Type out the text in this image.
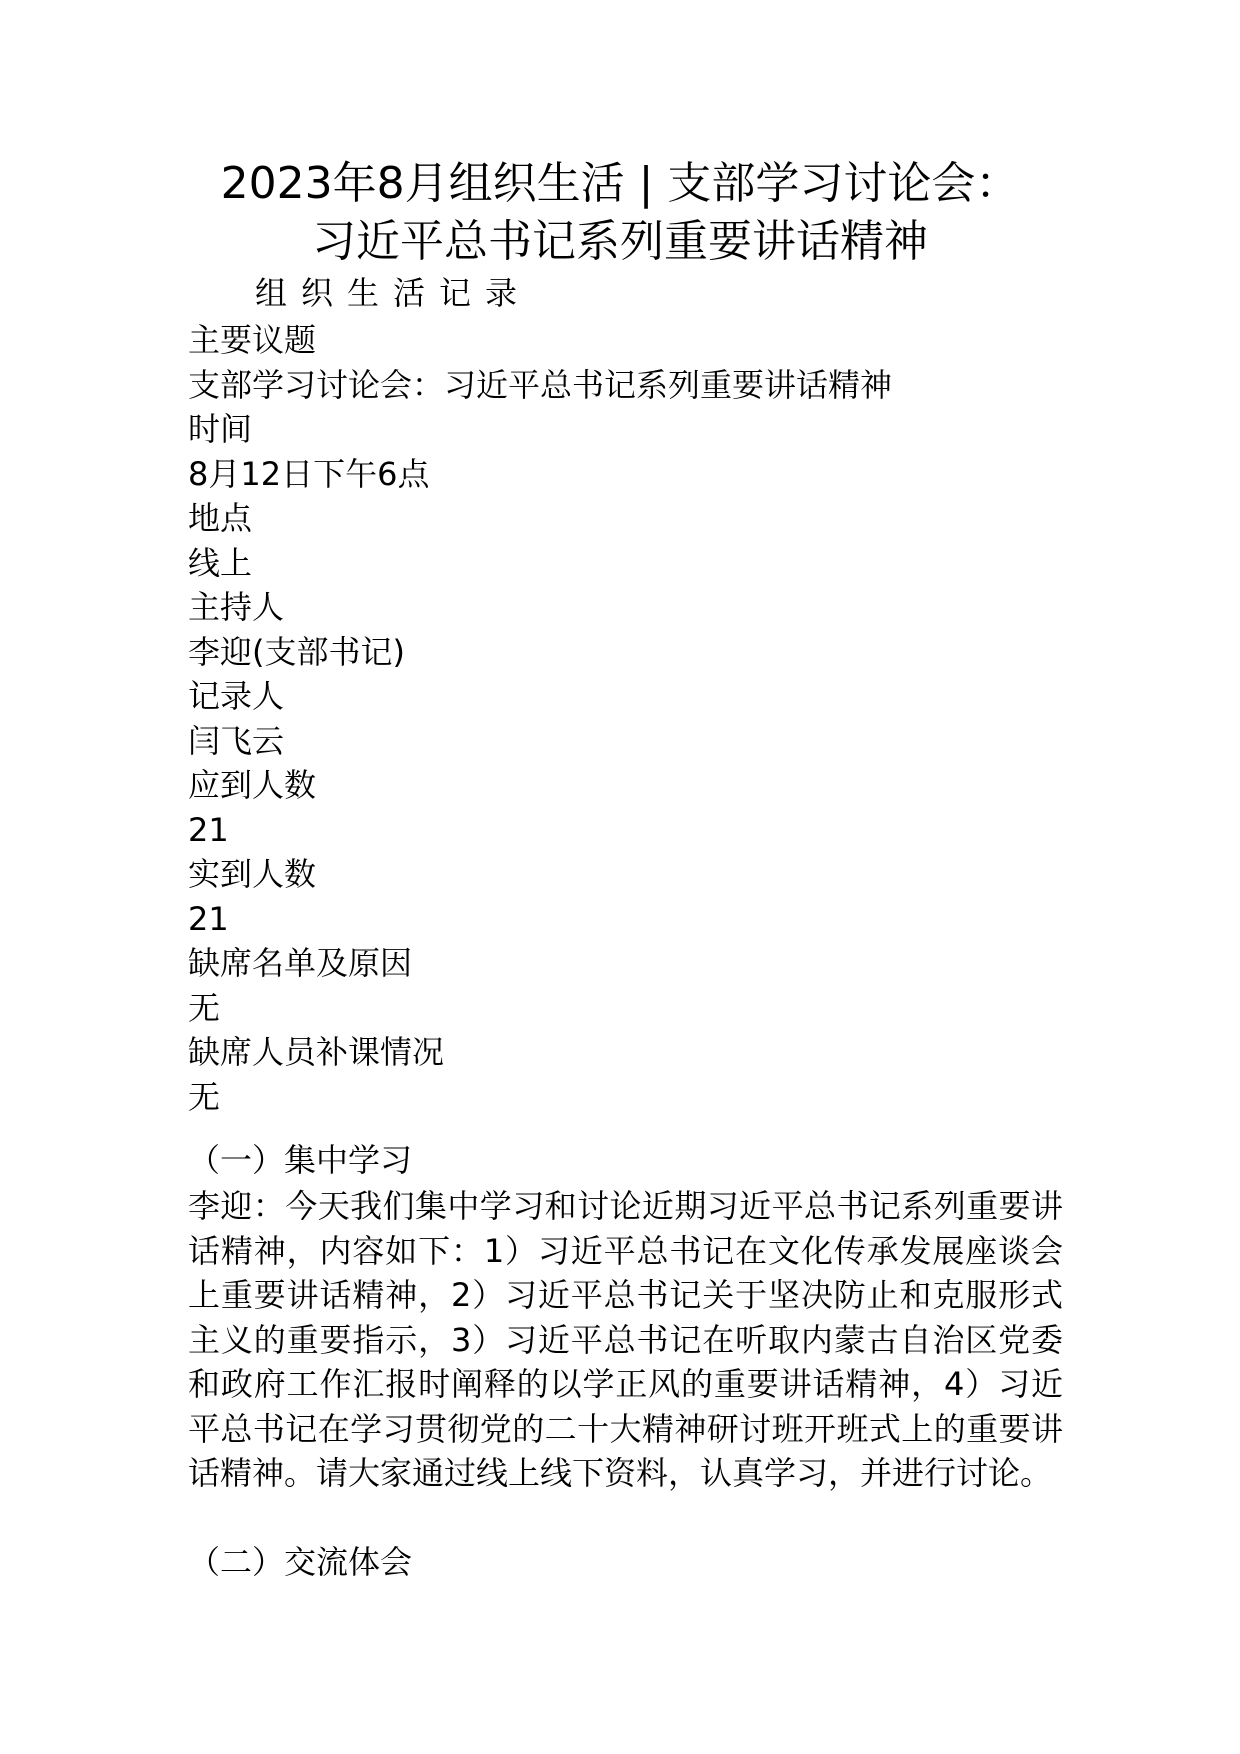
2023年8月组织生活 | 支部学习讨论会：
习近平总书记系列重要讲话精神
组织生活记录
主要议题
支部学习讨论会：习近平总书记系列重要讲话精神
时间
8月12日下午6点
地点
线上
主持人
李迎(支部书记)
记录人
闫飞云
应到人数
21
实到人数
21
缺席名单及原因
无
缺席人员补课情况
无
（一）集中学习

李迎：今天我们集中学习和讨论近期习近平总书记系列重要讲话精神，内容如下：1）习近平总书记在文化传承发展座谈会上重要讲话精神，2）习近平总书记关于坚决防止和克服形式主义的重要指示，3）习近平总书记在听取内蒙古自治区党委和政府工作汇报时阐释的以学正风的重要讲话精神，4）习近平总书记在学习贯彻党的二十大精神研讨班开班式上的重要讲话精神。请大家通过线上线下资料，认真学习，并进行讨论。

（二）交流体会
